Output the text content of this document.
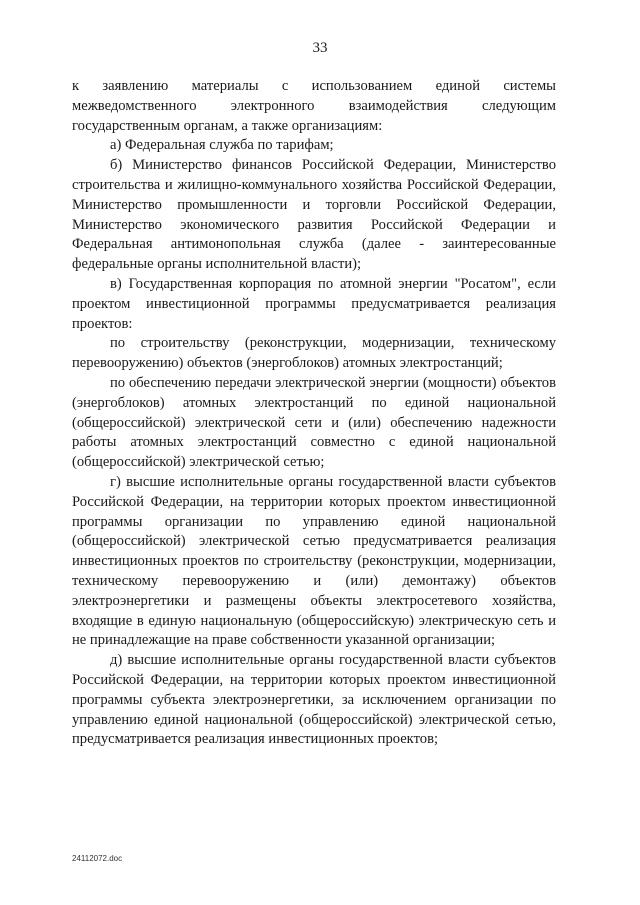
33

к заявлению материалы с использованием единой системы межведомственного электронного взаимодействия следующим государственным органам, а также организациям:

а) Федеральная служба по тарифам;

б) Министерство финансов Российской Федерации, Министерство строительства и жилищно-коммунального хозяйства Российской Федерации, Министерство промышленности и торговли Российской Федерации, Министерство экономического развития Российской Федерации и Федеральная антимонопольная служба (далее - заинтересованные федеральные органы исполнительной власти);

в) Государственная корпорация по атомной энергии "Росатом", если проектом инвестиционной программы предусматривается реализация проектов:

по строительству (реконструкции, модернизации, техническому перевооружению) объектов (энергоблоков) атомных электростанций;

по обеспечению передачи электрической энергии (мощности) объектов (энергоблоков) атомных электростанций по единой национальной (общероссийской) электрической сети и (или) обеспечению надежности работы атомных электростанций совместно с единой национальной (общероссийской) электрической сетью;

г) высшие исполнительные органы государственной власти субъектов Российской Федерации, на территории которых проектом инвестиционной программы организации по управлению единой национальной (общероссийской) электрической сетью предусматривается реализация инвестиционных проектов по строительству (реконструкции, модернизации, техническому перевооружению и (или) демонтажу) объектов электроэнергетики и размещены объекты электросетевого хозяйства, входящие в единую национальную (общероссийскую) электрическую сеть и не принадлежащие на праве собственности указанной организации;

д) высшие исполнительные органы государственной власти субъектов Российской Федерации, на территории которых проектом инвестиционной программы субъекта электроэнергетики, за исключением организации по управлению единой национальной (общероссийской) электрической сетью, предусматривается реализация инвестиционных проектов;

24112072.doc
